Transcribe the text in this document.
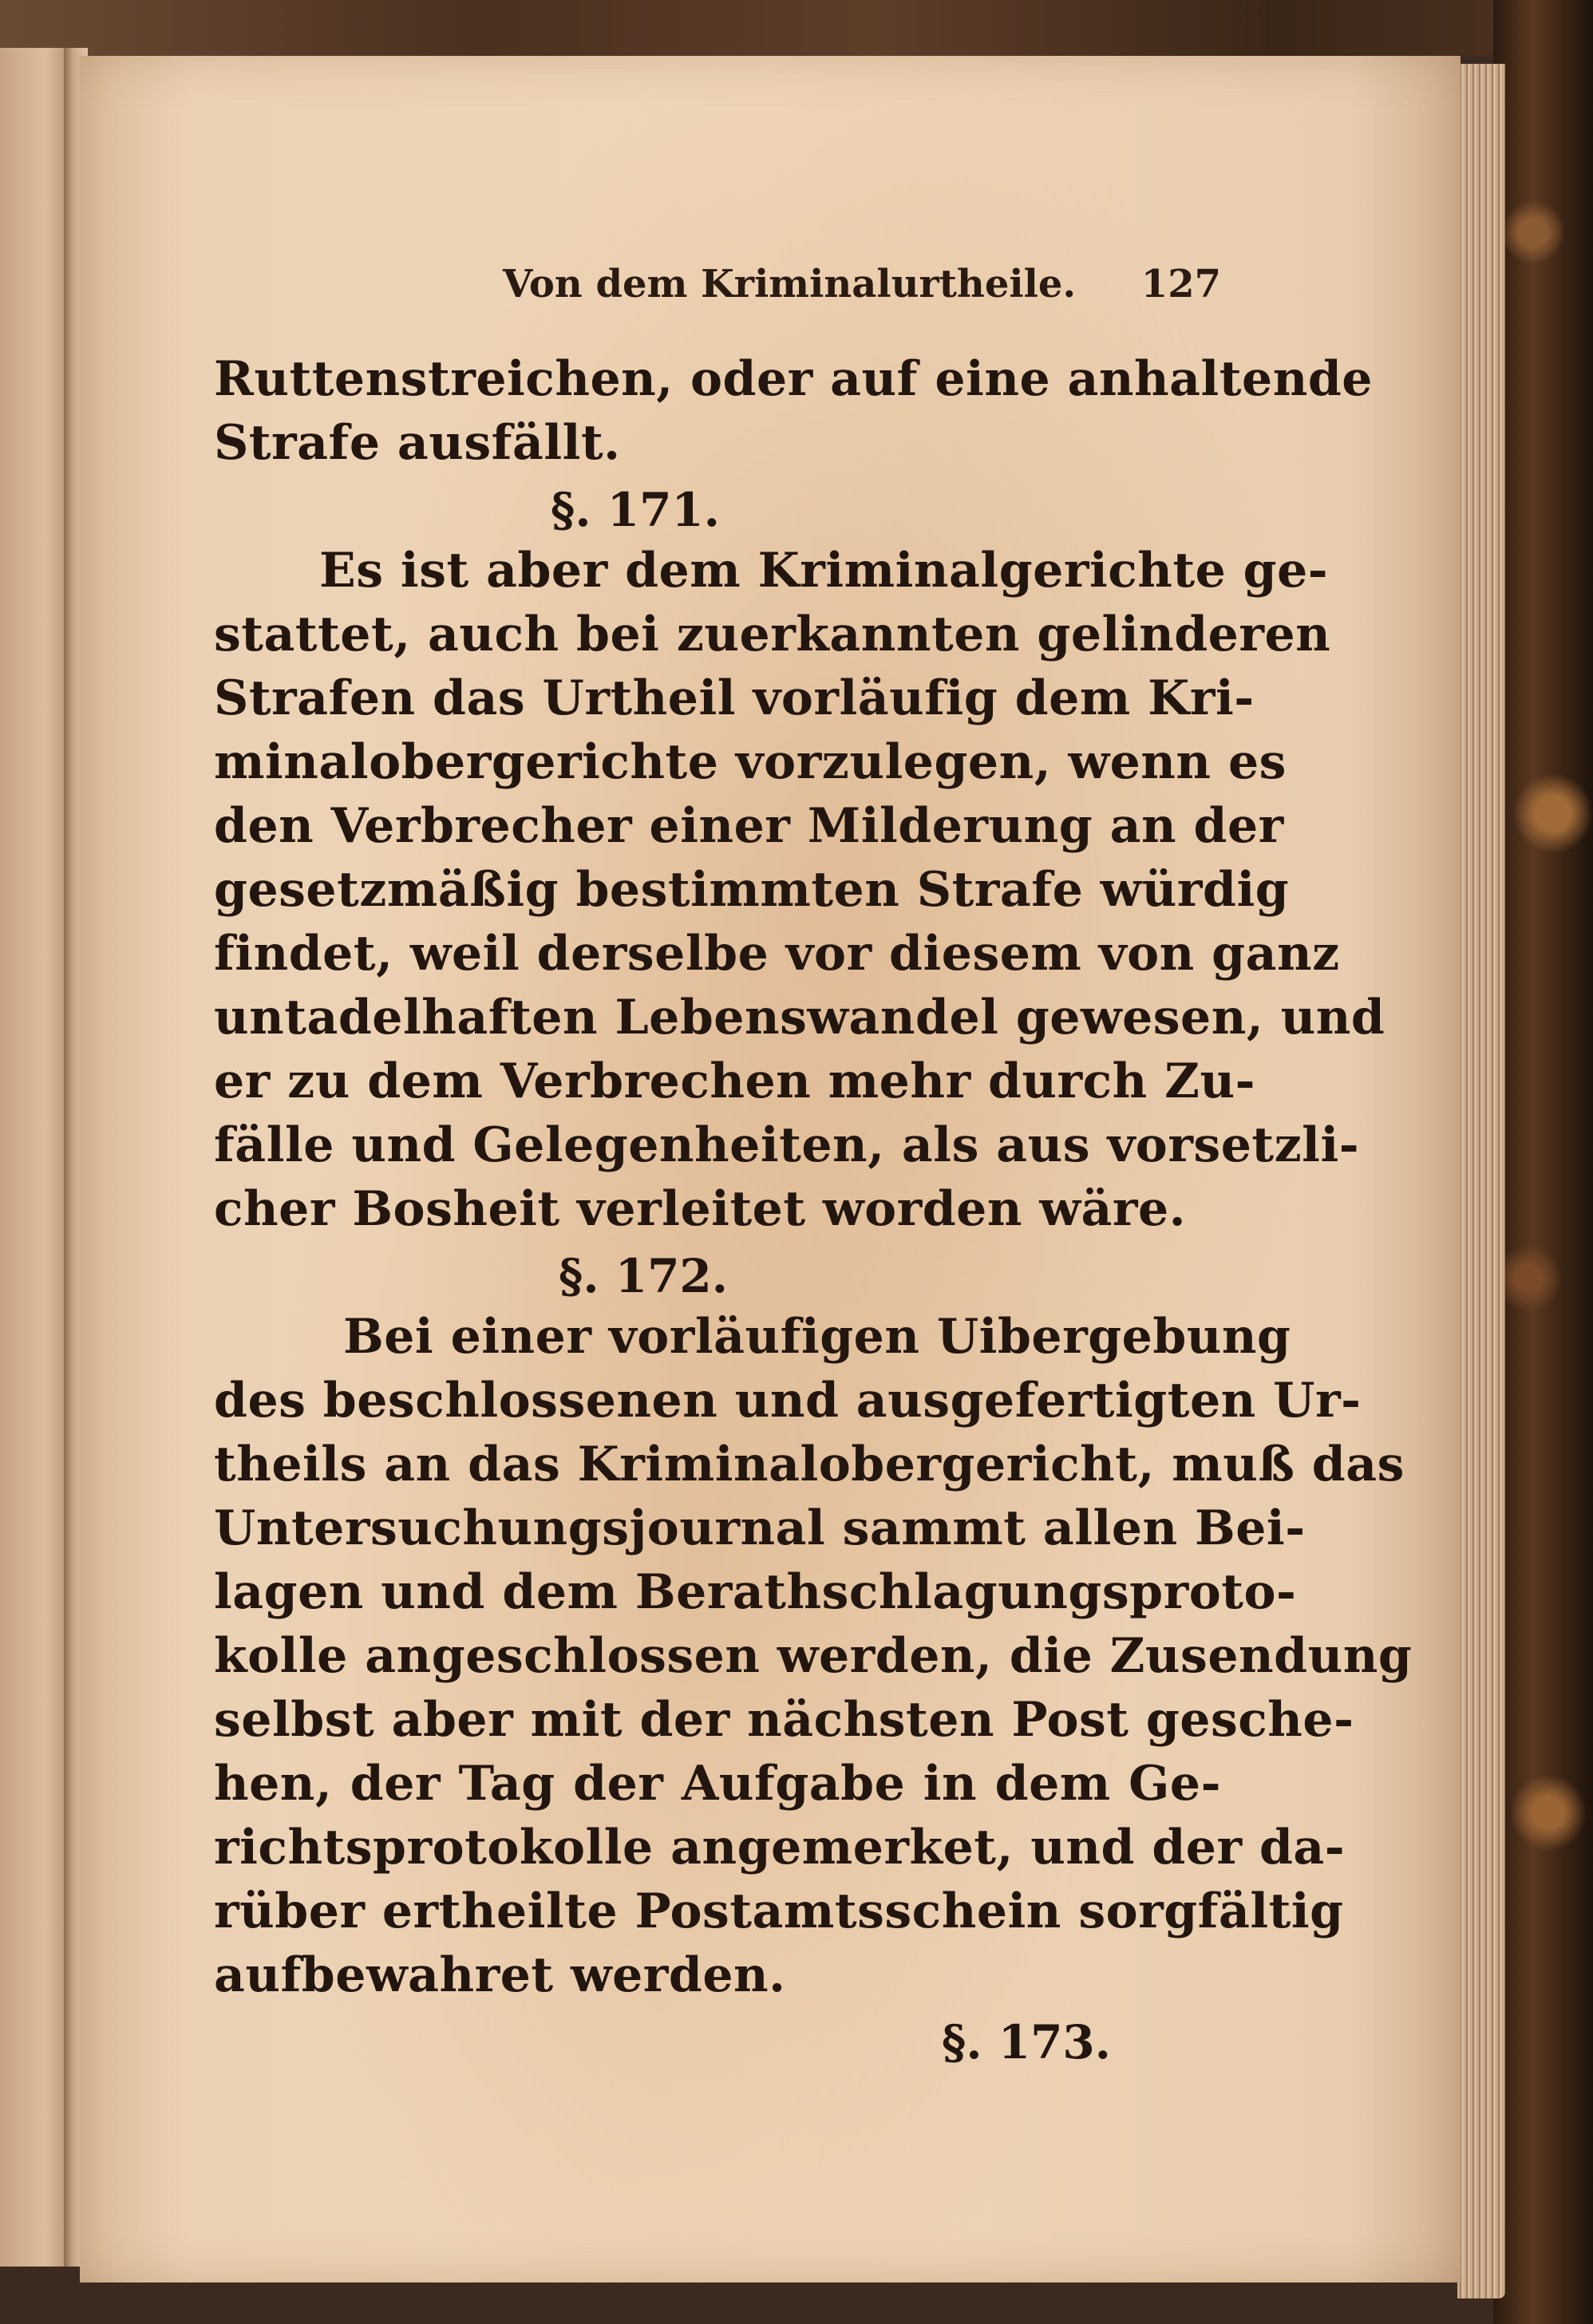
Von dem Kriminalurtheile. 127
Ruttenstreichen, oder auf eine anhaltende
Strafe ausfällt.
§. 171.
Es ist aber dem Kriminalgerichte ge-
stattet, auch bei zuerkannten gelinderen
Strafen das Urtheil vorläufig dem Kri-
minalobergerichte vorzulegen, wenn es
den Verbrecher einer Milderung an der
gesetzmäßig bestimmten Strafe würdig
findet, weil derselbe vor diesem von ganz
untadelhaften Lebenswandel gewesen, und
er zu dem Verbrechen mehr durch Zu-
fälle und Gelegenheiten, als aus vorsetzli-
cher Bosheit verleitet worden wäre.
§. 172.
Bei einer vorläufigen Uibergebung
des beschlossenen und ausgefertigten Ur-
theils an das Kriminalobergericht, muß das
Untersuchungsjournal sammt allen Bei-
lagen und dem Berathschlagungsproto-
kolle angeschlossen werden, die Zusendung
selbst aber mit der nächsten Post gesche-
hen, der Tag der Aufgabe in dem Ge-
richtsprotokolle angemerket, und der da-
rüber ertheilte Postamtsschein sorgfältig
aufbewahret werden.
§. 173.
